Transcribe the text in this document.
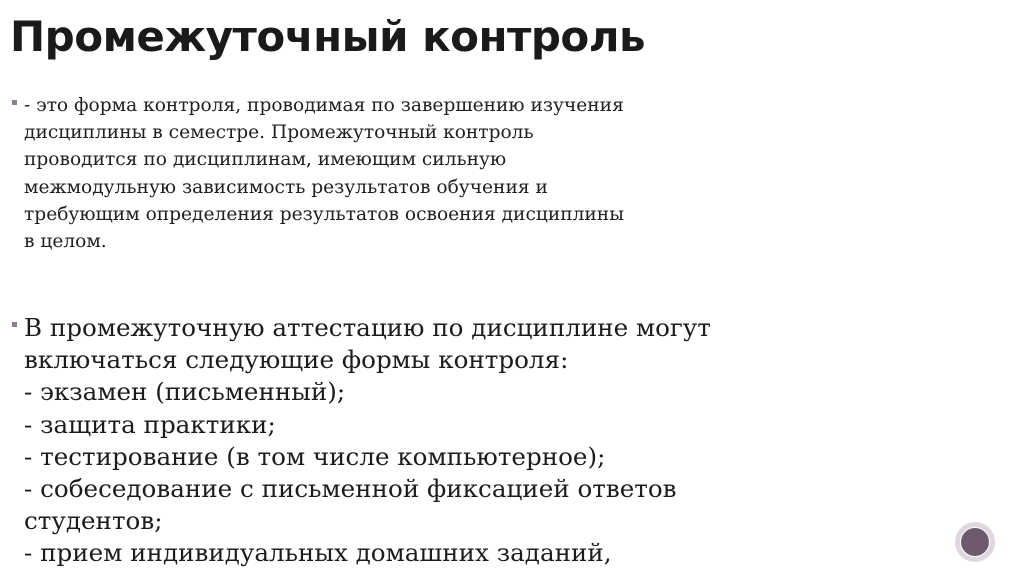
Промежуточный контроль
- это форма контроля, проводимая по завершению изучения
дисциплины в семестре. Промежуточный контроль
проводится по дисциплинам, имеющим сильную
межмодульную зависимость результатов обучения и
требующим определения результатов освоения дисциплины
в целом.
В промежуточную аттестацию по дисциплине могут
включаться следующие формы контроля:
- экзамен (письменный);
- защита практики;
- тестирование (в том числе компьютерное);
- собеседование с письменной фиксацией ответов
студентов;
- прием индивидуальных домашних заданий,
